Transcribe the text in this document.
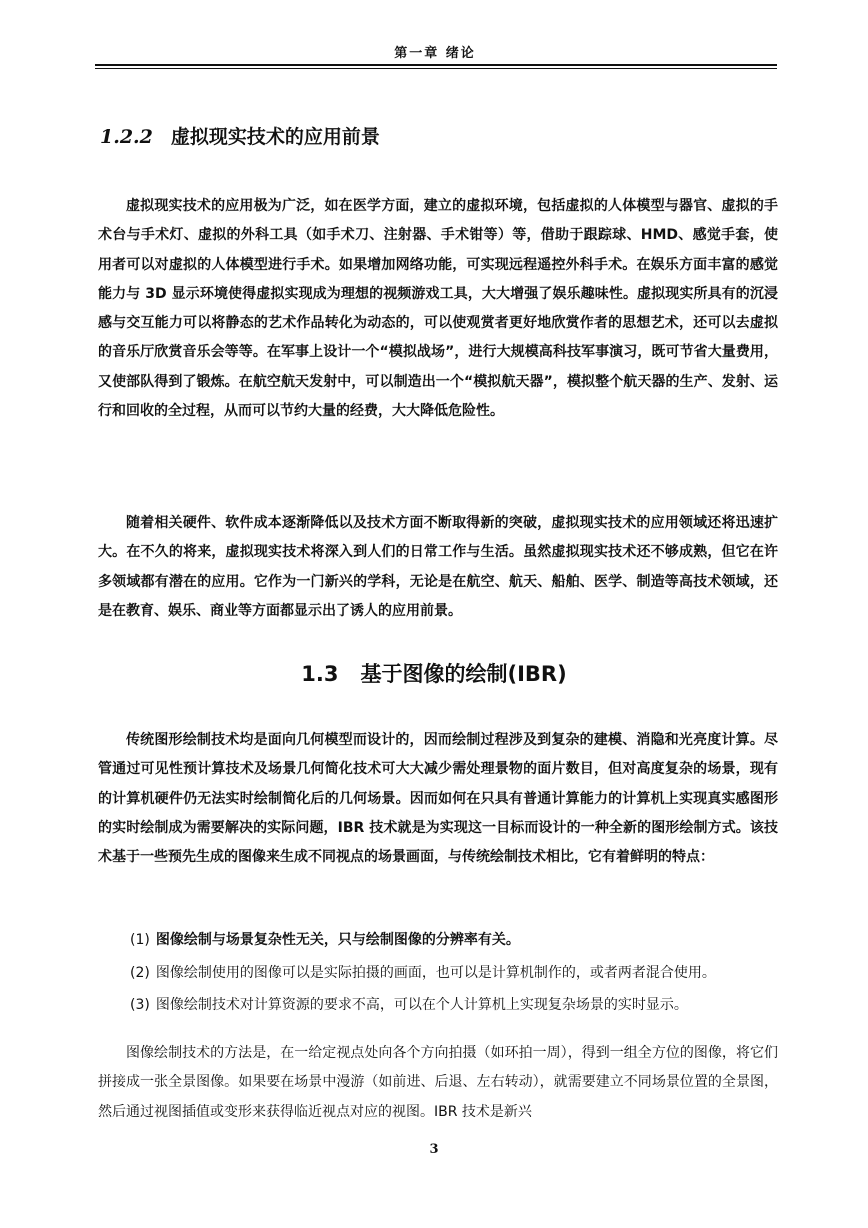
第一章 绪论
1.2.2 虚拟现实技术的应用前景

虚拟现实技术的应用极为广泛，如在医学方面，建立的虚拟环境，包括虚拟的人体模型与器官、虚拟的手术台与手术灯、虚拟的外科工具（如手术刀、注射器、手术钳等）等，借助于跟踪球、HMD、感觉手套，使用者可以对虚拟的人体模型进行手术。如果增加网络功能，可实现远程遥控外科手术。在娱乐方面丰富的感觉能力与 3D 显示环境使得虚拟实现成为理想的视频游戏工具，大大增强了娱乐趣味性。虚拟现实所具有的沉浸感与交互能力可以将静态的艺术作品转化为动态的，可以使观赏者更好地欣赏作者的思想艺术，还可以去虚拟的音乐厅欣赏音乐会等等。在军事上设计一个“模拟战场”，进行大规模高科技军事演习，既可节省大量费用，又使部队得到了锻炼。在航空航天发射中，可以制造出一个“模拟航天器”，模拟整个航天器的生产、发射、运行和回收的全过程，从而可以节约大量的经费，大大降低危险性。

随着相关硬件、软件成本逐渐降低以及技术方面不断取得新的突破，虚拟现实技术的应用领域还将迅速扩大。在不久的将来，虚拟现实技术将深入到人们的日常工作与生活。虽然虚拟现实技术还不够成熟，但它在许多领域都有潜在的应用。它作为一门新兴的学科，无论是在航空、航天、船舶、医学、制造等高技术领域，还是在教育、娱乐、商业等方面都显示出了诱人的应用前景。

1.3 基于图像的绘制(IBR)

传统图形绘制技术均是面向几何模型而设计的，因而绘制过程涉及到复杂的建模、消隐和光亮度计算。尽管通过可见性预计算技术及场景几何简化技术可大大减少需处理景物的面片数目，但对高度复杂的场景，现有的计算机硬件仍无法实时绘制简化后的几何场景。因而如何在只具有普通计算能力的计算机上实现真实感图形的实时绘制成为需要解决的实际问题，IBR 技术就是为实现这一目标而设计的一种全新的图形绘制方式。该技术基于一些预先生成的图像来生成不同视点的场景画面，与传统绘制技术相比，它有着鲜明的特点：

(1) 图像绘制与场景复杂性无关，只与绘制图像的分辨率有关。
(2) 图像绘制使用的图像可以是实际拍摄的画面，也可以是计算机制作的，或者两者混合使用。
(3) 图像绘制技术对计算资源的要求不高，可以在个人计算机上实现复杂场景的实时显示。

图像绘制技术的方法是，在一给定视点处向各个方向拍摄（如环拍一周），得到一组全方位的图像，将它们拼接成一张全景图像。如果要在场景中漫游（如前进、后退、左右转动），就需要建立不同场景位置的全景图，然后通过视图插值或变形来获得临近视点对应的视图。IBR 技术是新兴

3
